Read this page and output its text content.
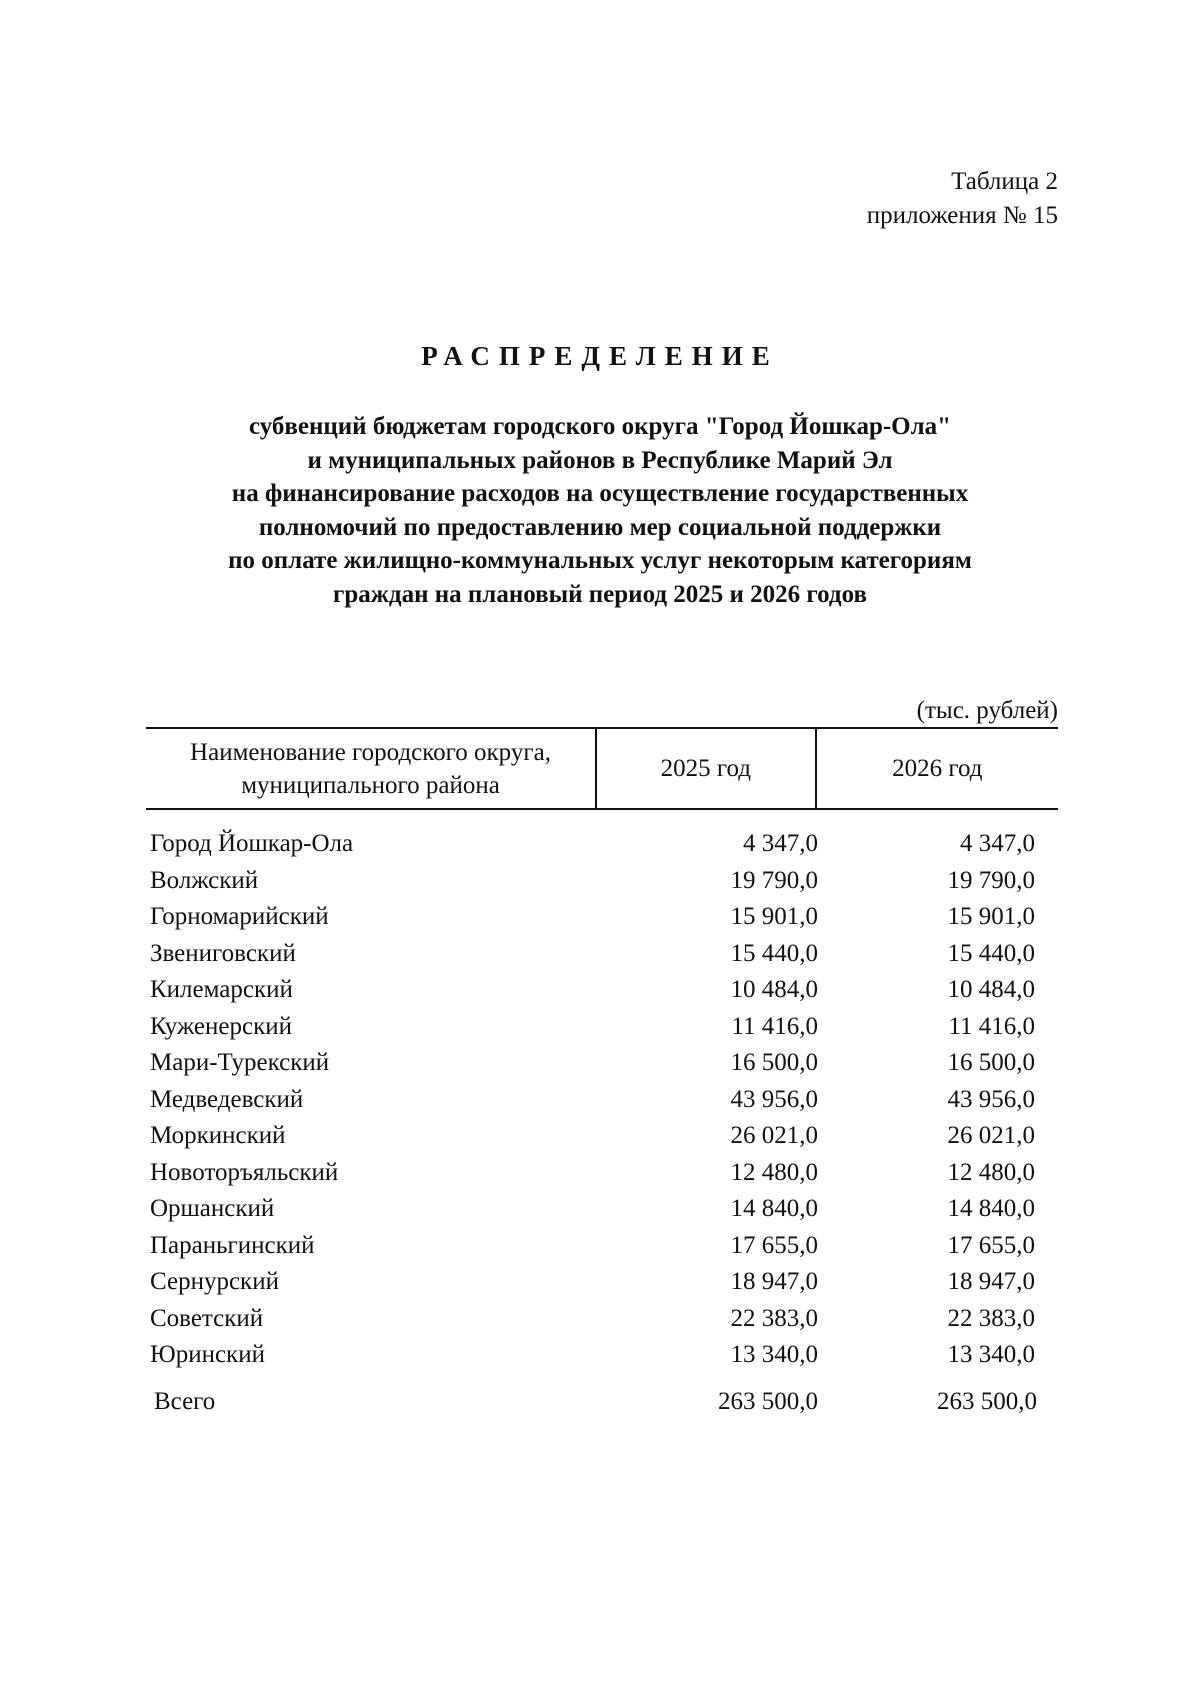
Таблица 2
приложения № 15
РАСПРЕДЕЛЕНИЕ
субвенций бюджетам городского округа "Город Йошкар-Ола"
и муниципальных районов в Республике Марий Эл
на финансирование расходов на осуществление государственных
полномочий по предоставлению мер социальной поддержки
по оплате жилищно-коммунальных услуг некоторым категориям
граждан на плановый период 2025 и 2026 годов
(тыс. рублей)
Наименование городского округа,
муниципального района
2025 год	2026 год
Город Йошкар-Ола	4 347,0	4 347,0
Волжский	19 790,0	19 790,0
Горномарийский	15 901,0	15 901,0
Звениговский	15 440,0	15 440,0
Килемарский	10 484,0	10 484,0
Куженерский	11 416,0	11 416,0
Мари-Турекский	16 500,0	16 500,0
Медведевский	43 956,0	43 956,0
Моркинский	26 021,0	26 021,0
Новоторъяльский	12 480,0	12 480,0
Оршанский	14 840,0	14 840,0
Параньгинский	17 655,0	17 655,0
Сернурский	18 947,0	18 947,0
Советский	22 383,0	22 383,0
Юринский	13 340,0	13 340,0
Всего	263 500,0	263 500,0
